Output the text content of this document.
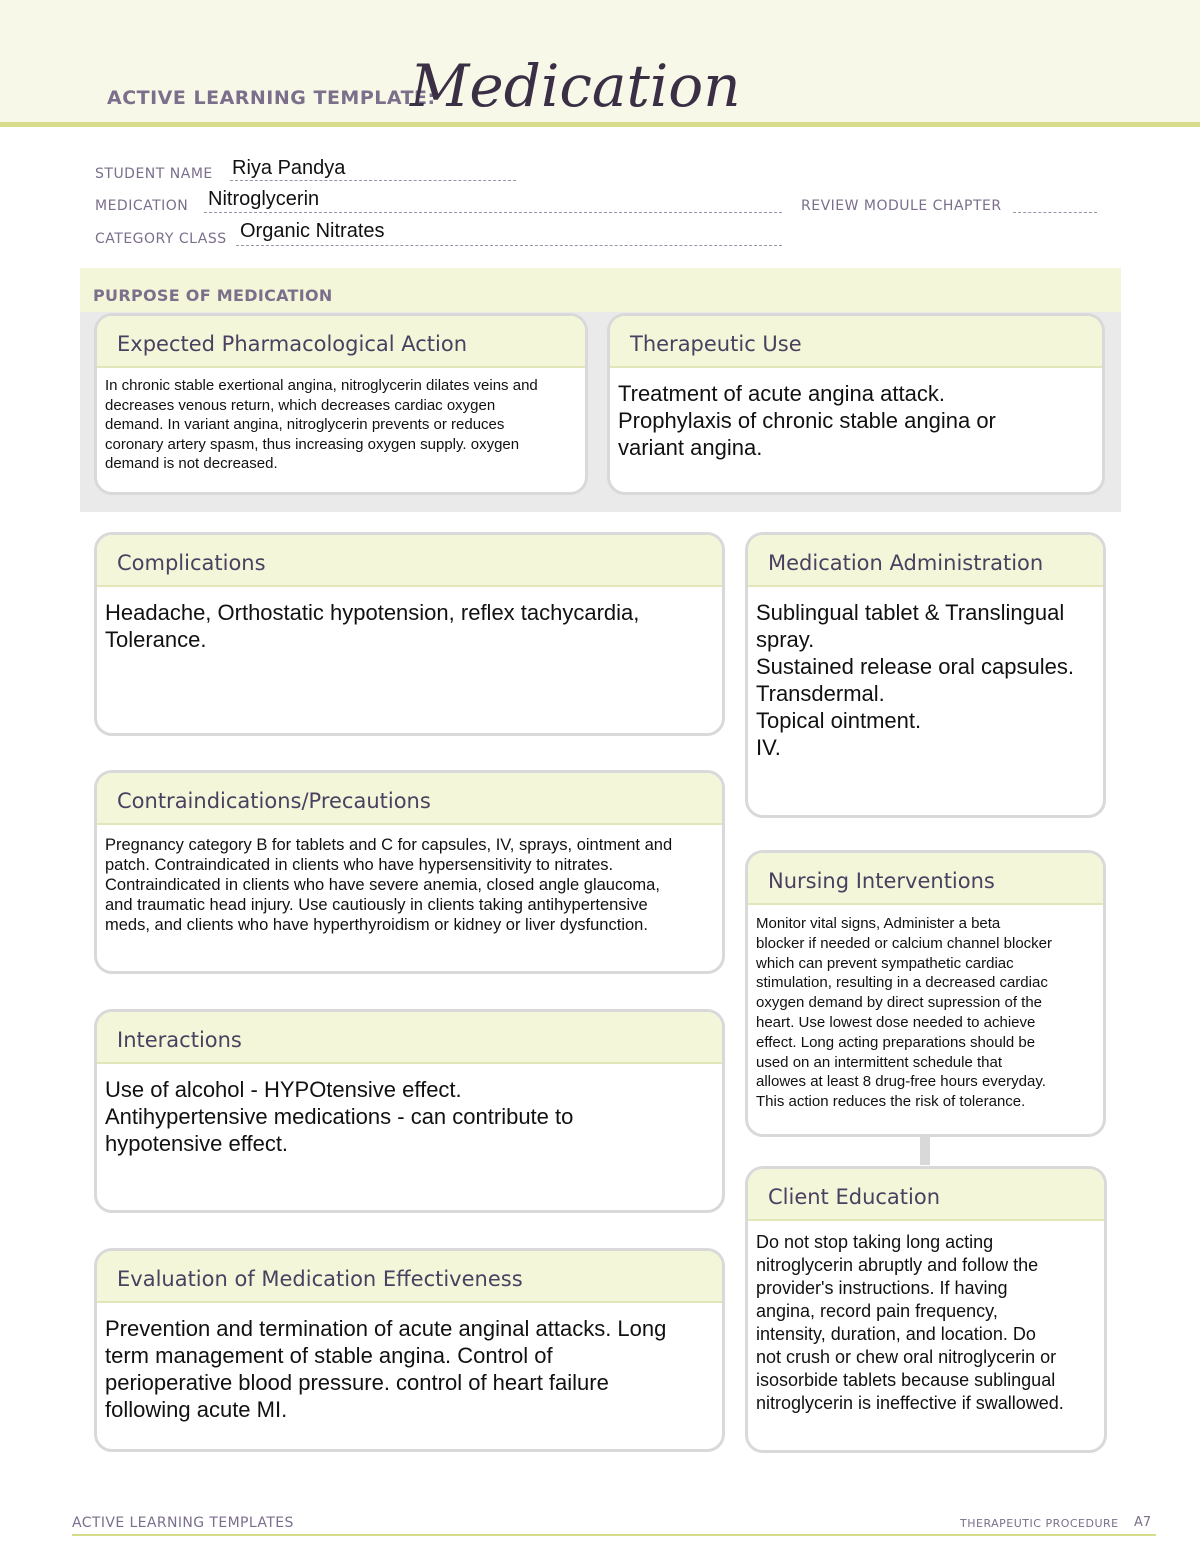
ACTIVE LEARNING TEMPLATE:
Medication
STUDENT NAME Riya Pandya
MEDICATION Nitroglycerin	REVIEW MODULE CHAPTER
CATEGORY CLASS Organic Nitrates
PURPOSE OF MEDICATION
Expected Pharmacological Action
In chronic stable exertional angina, nitroglycerin dilates veins and
decreases venous return, which decreases cardiac oxygen
demand. In variant angina, nitroglycerin prevents or reduces
coronary artery spasm, thus increasing oxygen supply. oxygen
demand is not decreased.
Therapeutic Use
Treatment of acute angina attack.
Prophylaxis of chronic stable angina or
variant angina.
Complications
Headache, Orthostatic hypotension, reflex tachycardia,
Tolerance.
Contraindications/Precautions
Pregnancy category B for tablets and C for capsules, IV, sprays, ointment and
patch. Contraindicated in clients who have hypersensitivity to nitrates.
Contraindicated in clients who have severe anemia, closed angle glaucoma,
and traumatic head injury. Use cautiously in clients taking antihypertensive
meds, and clients who have hyperthyroidism or kidney or liver dysfunction.
Interactions
Use of alcohol - HYPOtensive effect.
Antihypertensive medications - can contribute to
hypotensive effect.
Evaluation of Medication Effectiveness
Prevention and termination of acute anginal attacks. Long
term management of stable angina. Control of
perioperative blood pressure. control of heart failure
following acute MI.
Medication Administration
Sublingual tablet & Translingual
spray.
Sustained release oral capsules.
Transdermal.
Topical ointment.
IV.
Nursing Interventions
Monitor vital signs, Administer a beta
blocker if needed or calcium channel blocker
which can prevent sympathetic cardiac
stimulation, resulting in a decreased cardiac
oxygen demand by direct supression of the
heart. Use lowest dose needed to achieve
effect. Long acting preparations should be
used on an intermittent schedule that
allowes at least 8 drug-free hours everyday.
This action reduces the risk of tolerance.
Client Education
Do not stop taking long acting
nitroglycerin abruptly and follow the
provider's instructions. If having
angina, record pain frequency,
intensity, duration, and location. Do
not crush or chew oral nitroglycerin or
isosorbide tablets because sublingual
nitroglycerin is ineffective if swallowed.
ACTIVE LEARNING TEMPLATES	THERAPEUTIC PROCEDURE A7
